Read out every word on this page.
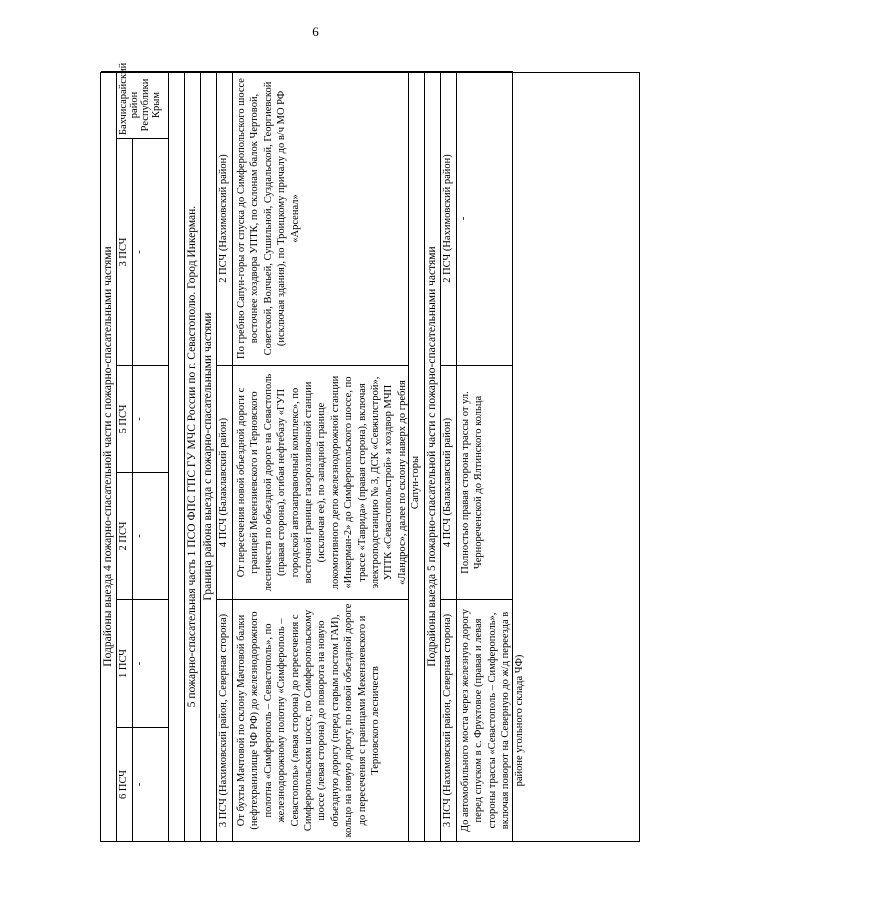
6
Подрайоны выезда 4 пожарно-спасательной части с пожарно-спасательными частями
6 ПСЧ
1 ПСЧ
2 ПСЧ
5 ПСЧ
3 ПСЧ
Бахчисарайский район Республики Крым
-
-
-
-
-	5 пожарно-спасательная часть 1 ПСО ФПС ГПС ГУ МЧС России по г. Севастополю. Город Инкерман. Граница района выезда с пожарно-спасательными частями
3 ПСЧ (Нахимовский район, Северная сторона)
4 ПСЧ (Балаклавский район)
2 ПСЧ (Нахимовский район)
От бухты Мачтовой по склону Мачтовой балки (нефтехранилище ЧФ РФ) до железнодорожного полотна «Симферополь – Севастополь», по железнодорожному полотну «Симферополь – Севастополь» (левая сторона) до пересечения с Симферопольским шоссе, по Симферопольскому шоссе (левая сторона) до поворота на новую объездную дорогу (перед старым постом ГАИ), кольцо на новую дорогу, по новой объездной дороге до пересечения с границами Мекензиевского и Терновского лесничеств
От пересечения новой объездной дороги с границей Мекензиевского и Терновского лесничеств по объездной дороге на Севастополь (правая сторона), огибая нефтебазу «ГУП городской автозаправочный комплекс», по восточной границе газорозливочной станции (исключая ее), по западной границе локомотивного депо железнодорожной станции «Инкерман-2» до Симферопольского шоссе, по трассе «Таврида» (правая сторона), включая электроподстанцию № 3, ДСК «Севжилстрой», УПТК «Севастопольстрой» и хоздвор МЧП «Ландрос», далее по склону наверх до гребня Сапун-горы
По гребню Сапун-горы от спуска до Симферопольского шоссе восточнее хоздвора УПТК, по склонам балок Чертовой, Советской, Волчьей, Сушильной, Суздальской, Георгиевской (исключая здания), по Троицкому причалу до в/ч МО РФ «Арсенал»
Подрайоны выезда 5 пожарно-спасательной части с пожарно-спасательными частями
3 ПСЧ (Нахимовский район, Северная сторона)
4 ПСЧ (Балаклавский район)
2 ПСЧ (Нахимовский район)
До автомобильного моста через железную дорогу перед спуском в с. Фруктовое (правая и левая стороны трассы «Севастополь – Симферополь», включая поворот на Северную до ж/д переезда в районе угольного склада ЧФ)
Полностью правая сторона трассы от ул. Чернореченской до Ялтинского кольца
-
